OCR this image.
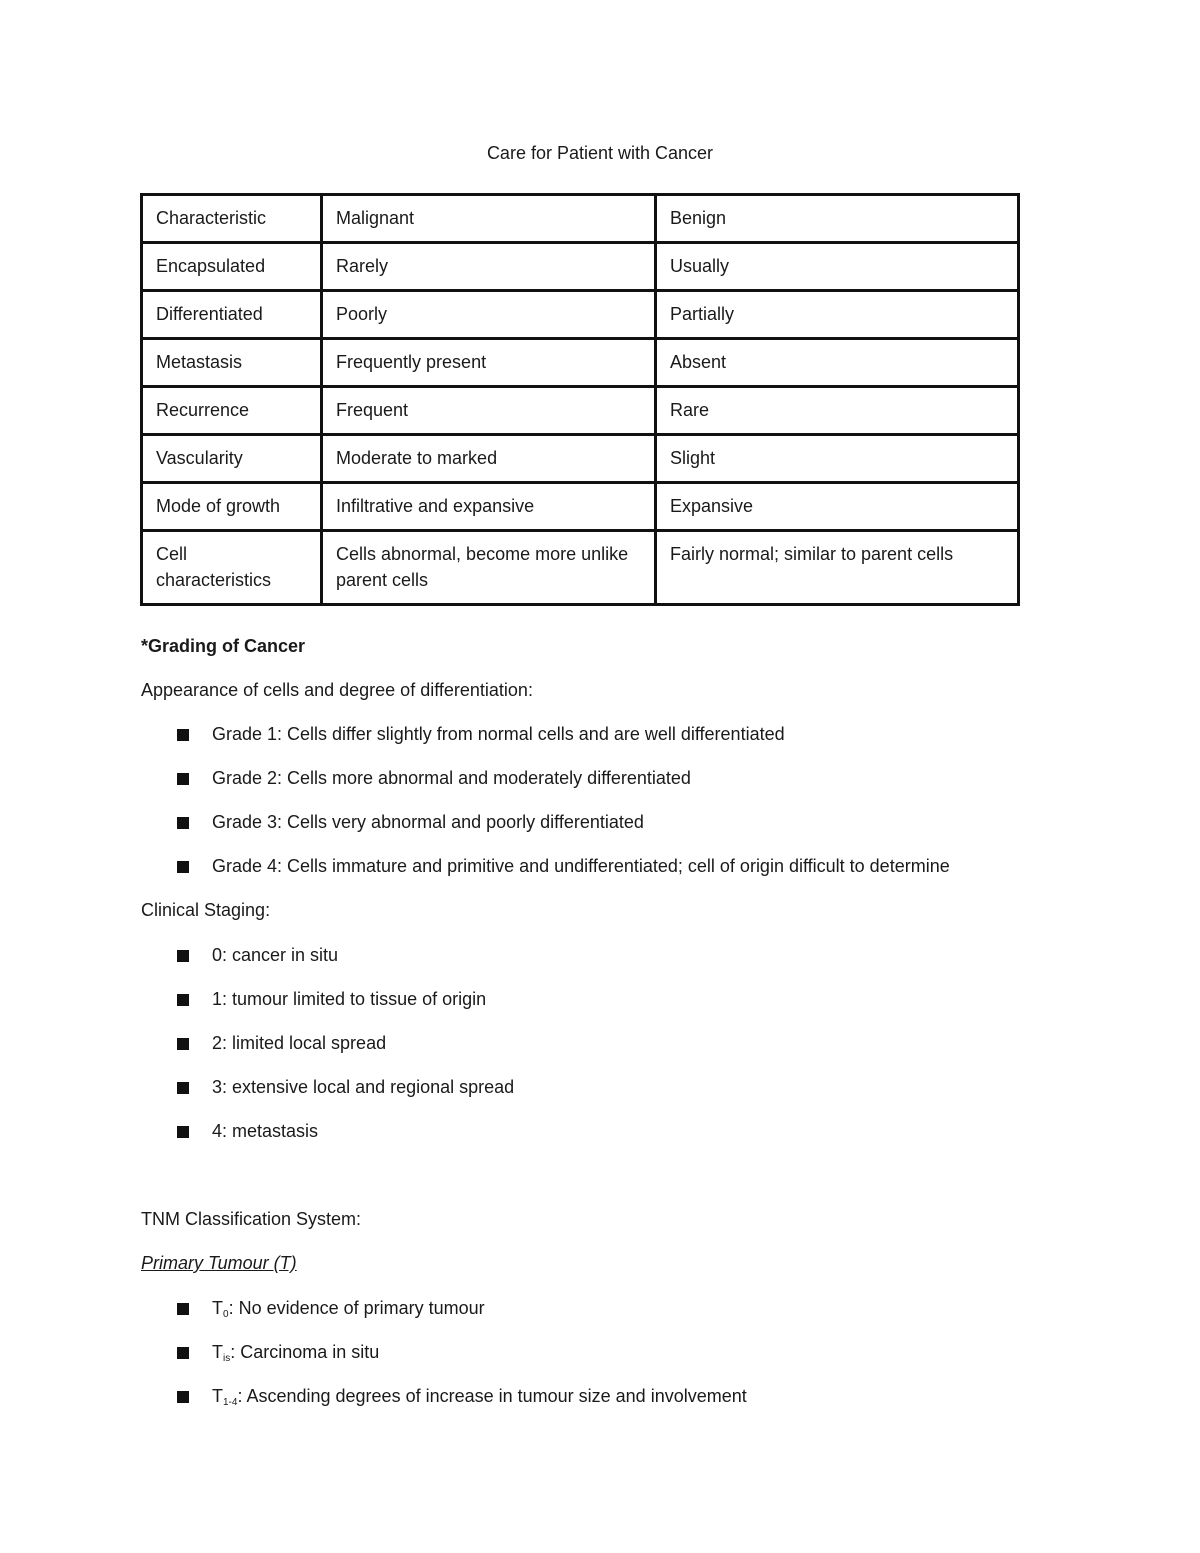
Care for Patient with Cancer
Characteristic	Malignant	Benign
Encapsulated	Rarely	Usually
Differentiated	Poorly	Partially
Metastasis	Frequently present	Absent
Recurrence	Frequent	Rare
Vascularity	Moderate to marked	Slight
Mode of growth	Infiltrative and expansive	Expansive
Cell characteristics	Cells abnormal, become more unlike parent cells	Fairly normal; similar to parent cells
*Grading of Cancer
Appearance of cells and degree of differentiation:
Grade 1: Cells differ slightly from normal cells and are well differentiated
Grade 2: Cells more abnormal and moderately differentiated
Grade 3: Cells very abnormal and poorly differentiated
Grade 4: Cells immature and primitive and undifferentiated; cell of origin difficult to determine
Clinical Staging:
0: cancer in situ
1: tumour limited to tissue of origin
2: limited local spread
3: extensive local and regional spread
4: metastasis
TNM Classification System:
Primary Tumour (T)
$T_0$: No evidence of primary tumour
$T_{is}$: Carcinoma in situ
$T_{1-4}$: Ascending degrees of increase in tumour size and involvement
